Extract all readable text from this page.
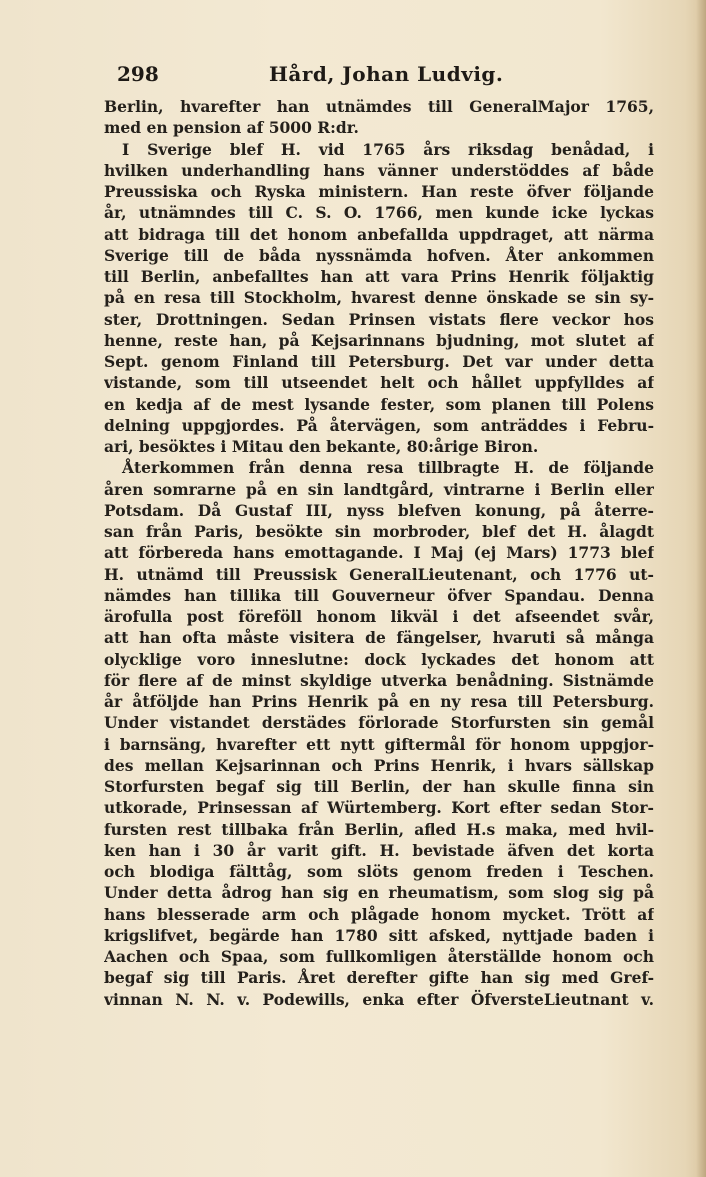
298	Hård, Johan Ludvig.
Berlin, hvarefter han utnämdes till GeneralMajor 1765,
med en pension af 5000 R:dr.
I Sverige blef H. vid 1765 års riksdag benådad, i
hvilken underhandling hans vänner understöddes af både
Preussiska och Ryska ministern. Han reste öfver följande
år, utnämndes till C. S. O. 1766, men kunde icke lyckas
att bidraga till det honom anbefallda uppdraget, att närma
Sverige till de båda nyssnämda hofven. Åter ankommen
till Berlin, anbefalltes han att vara Prins Henrik följaktig
på en resa till Stockholm, hvarest denne önskade se sin sy-
ster, Drottningen. Sedan Prinsen vistats flere veckor hos
henne, reste han, på Kejsarinnans bjudning, mot slutet af
Sept. genom Finland till Petersburg. Det var under detta
vistande, som till utseendet helt och hållet uppfylldes af
en kedja af de mest lysande fester, som planen till Polens
delning uppgjordes. På återvägen, som anträddes i Febru-
ari, besöktes i Mitau den bekante, 80:årige Biron.
Återkommen från denna resa tillbragte H. de följande
åren somrarne på en sin landtgård, vintrarne i Berlin eller
Potsdam. Då Gustaf III, nyss blefven konung, på återre-
san från Paris, besökte sin morbroder, blef det H. ålagdt
att förbereda hans emottagande. I Maj (ej Mars) 1773 blef
H. utnämd till Preussisk GeneralLieutenant, och 1776 ut-
nämdes han tillika till Gouverneur öfver Spandau. Denna
ärofulla post föreföll honom likväl i det afseendet svår,
att han ofta måste visitera de fängelser, hvaruti så många
olycklige voro inneslutne: dock lyckades det honom att
för flere af de minst skyldige utverka benådning. Sistnämde
år åtföljde han Prins Henrik på en ny resa till Petersburg.
Under vistandet derstädes förlorade Storfursten sin gemål
i barnsäng, hvarefter ett nytt giftermål för honom uppgjor-
des mellan Kejsarinnan och Prins Henrik, i hvars sällskap
Storfursten begaf sig till Berlin, der han skulle finna sin
utkorade, Prinsessan af Würtemberg. Kort efter sedan Stor-
fursten rest tillbaka från Berlin, afled H.s maka, med hvil-
ken han i 30 år varit gift. H. bevistade äfven det korta
och blodiga fälttåg, som slöts genom freden i Teschen.
Under detta ådrog han sig en rheumatism, som slog sig på
hans blesserade arm och plågade honom mycket. Trött af
krigslifvet, begärde han 1780 sitt afsked, nyttjade baden i
Aachen och Spaa, som fullkomligen återställde honom och
begaf sig till Paris. Året derefter gifte han sig med Gref-
vinnan N. N. v. Podewills, enka efter ÖfversteLieutnant v.
